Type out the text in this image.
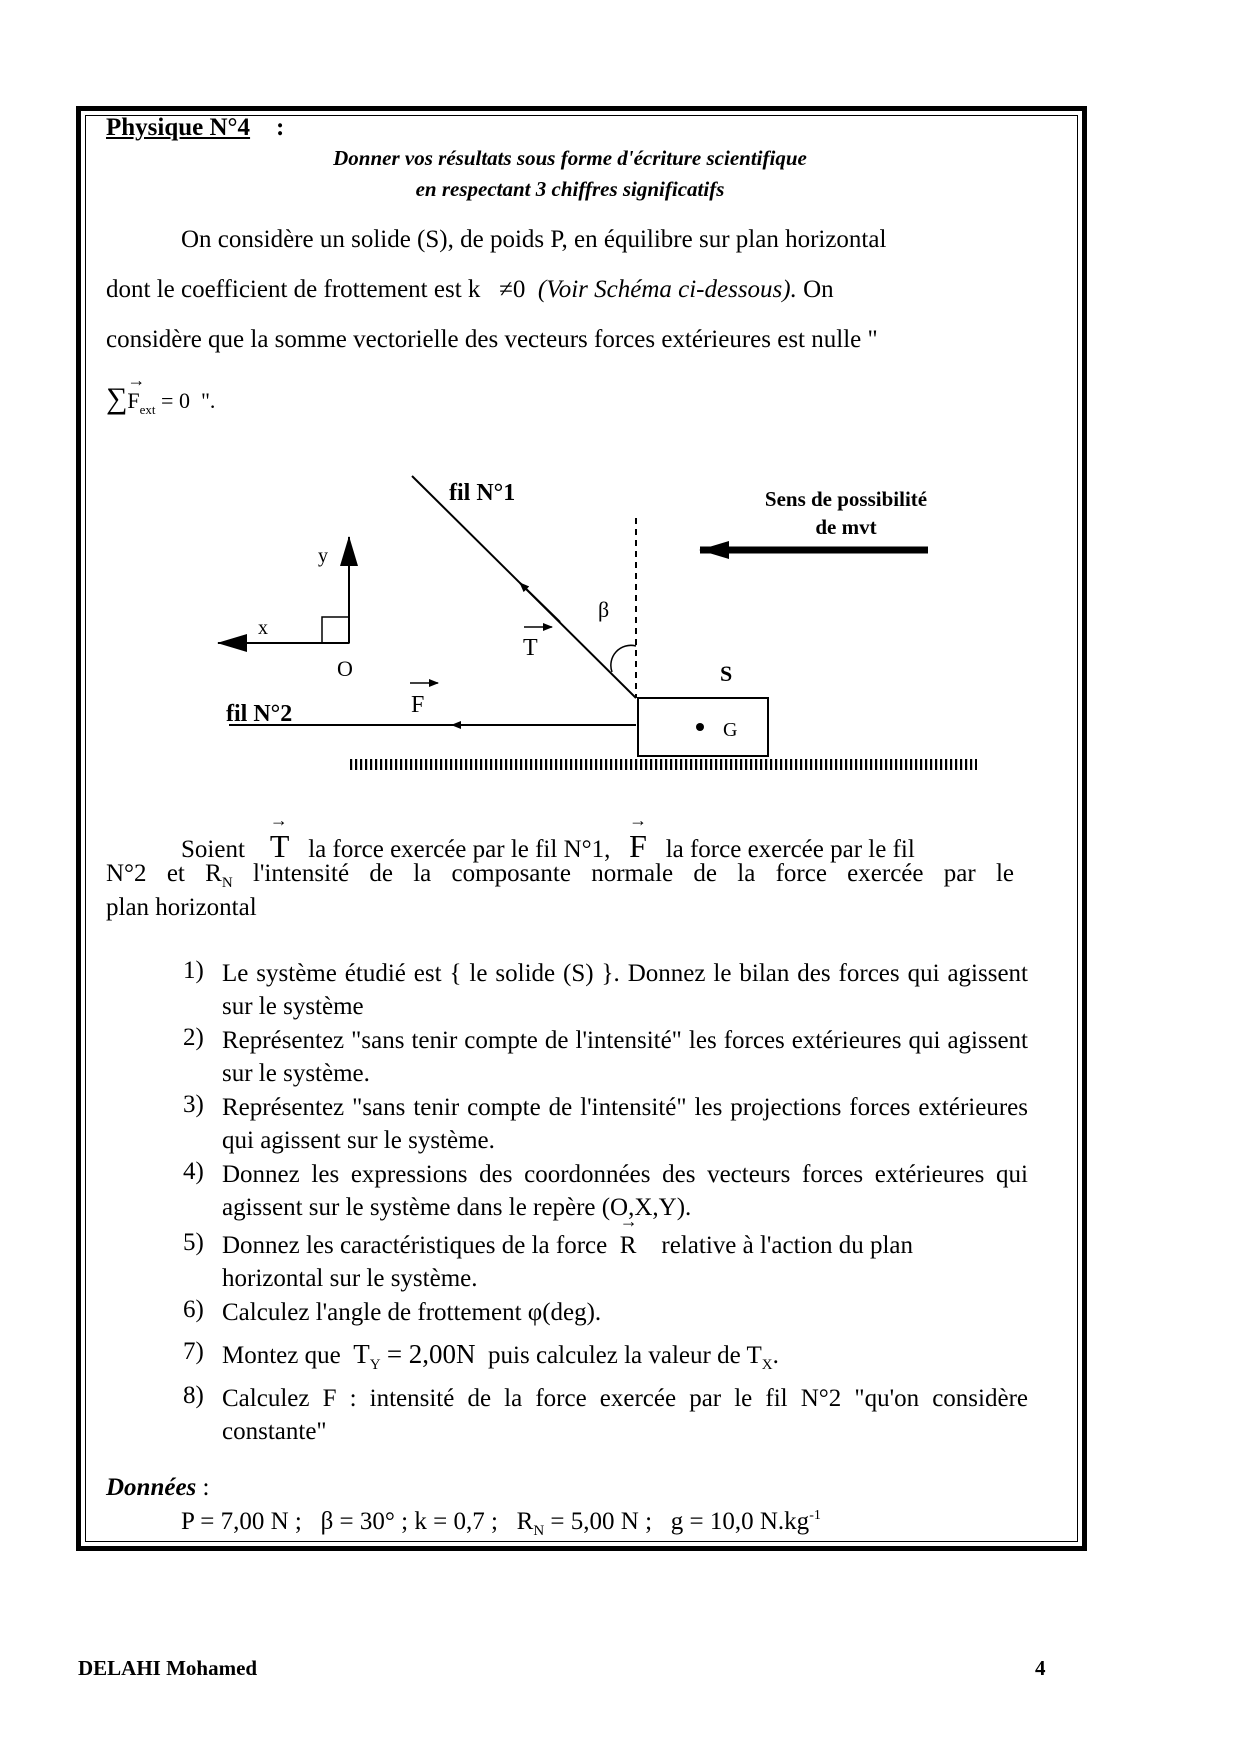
Physique N°4 :
Donner vos résultats sous forme d'écriture scientifique
en respectant 3 chiffres significatifs
On considère un solide (S), de poids P, en équilibre sur plan horizontal
dont le coefficient de frottement est k ≠0 (Voir Schéma ci-dessous). On
considère que la somme vectorielle des vecteurs forces extérieures est nulle "
∑→ $F_{ext} = 0$ ".
fil N°1
β
T
Sens de possibilité
de mvt
y
x
O
fil N°2	F
G
S
Soient → T la force exercée par le fil N°1, → F la force exercée par le fil
N°2 et $R_N$ l'intensité de la composante normale de la force exercée par le
plan horizontal
1) Le système étudié est { le solide (S) }. Donnez le bilan des forces qui agissent sur le système
2) Représentez "sans tenir compte de l'intensité" les forces extérieures qui agissent sur le système.
3) Représentez "sans tenir compte de l'intensité" les projections forces extérieures qui agissent sur le système.
4) Donnez les expressions des coordonnées des vecteurs forces extérieures qui agissent sur le système dans le repère (O,X,Y).
5) Donnez les caractéristiques de la force → R relative à l'action du plan
horizontal sur le système.
6) Calculez l'angle de frottement φ(deg).
7) Montez que $T_Y = 2,00N$ puis calculez la valeur de $T_X$.
8) Calculez F : intensité de la force exercée par le fil N°2 "qu'on considère constante"
Données :
P = 7,00 N ; β = 30° ; k = 0,7 ; $R_N = 5,00$ N ; g = 10,0 $N.kg^{-1}$
DELAHI Mohamed	4
